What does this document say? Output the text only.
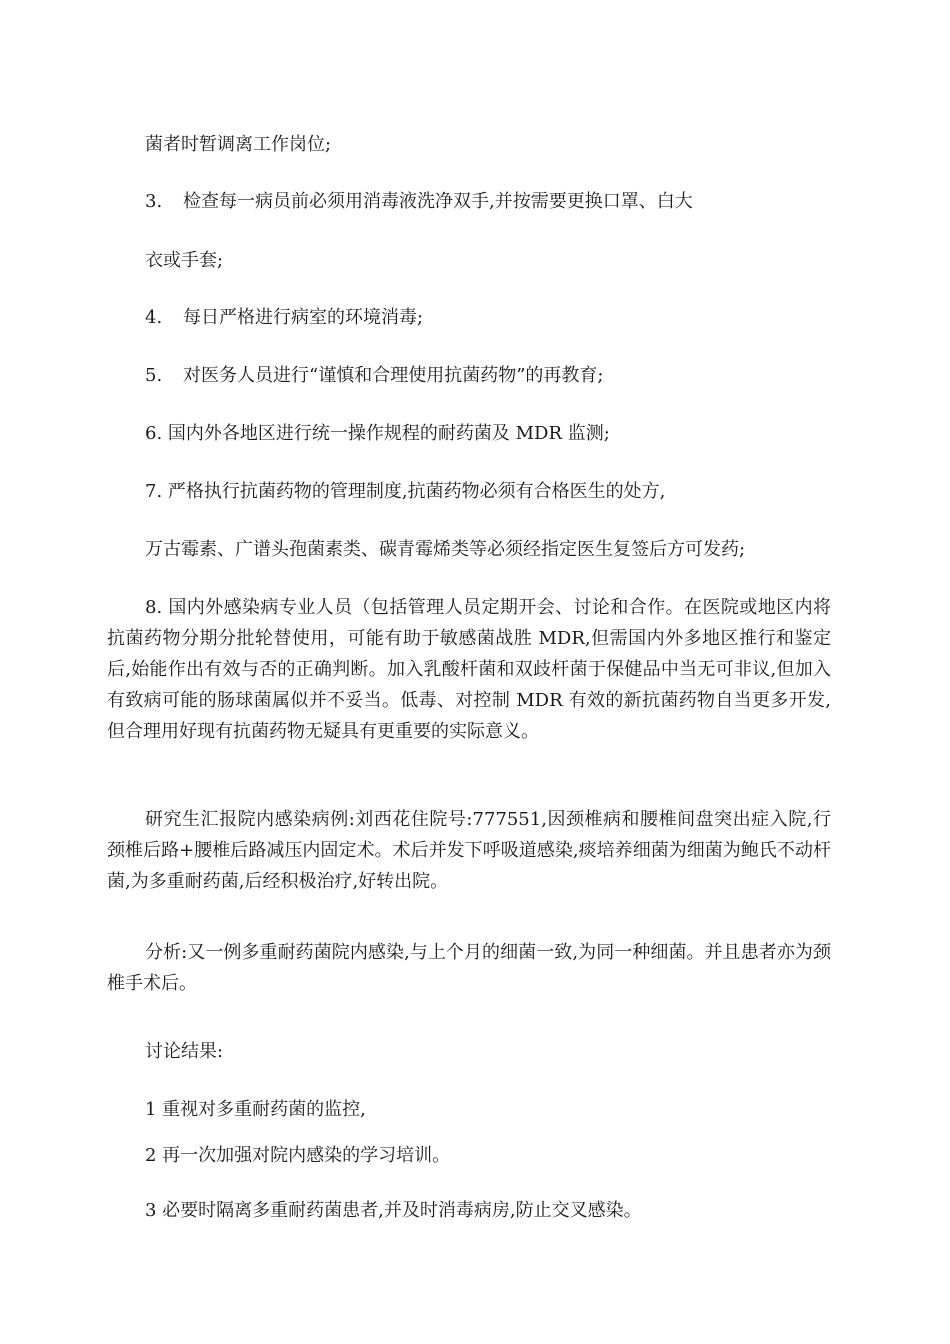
菌者时暂调离工作岗位;
3. 检查每一病员前必须用消毒液洗净双手,并按需要更换口罩、白大
衣或手套;
4. 每日严格进行病室的环境消毒;
5. 对医务人员进行“谨慎和合理使用抗菌药物”的再教育;
6. 国内外各地区进行统一操作规程的耐药菌及 MDR 监测;
7. 严格执行抗菌药物的管理制度,抗菌药物必须有合格医生的处方,
万古霉素、广谱头孢菌素类、碳青霉烯类等必须经指定医生复签后方可发药;
8. 国内外感染病专业人员（包括管理人员定期开会、讨论和合作。在医院或地区内将抗菌药物分期分批轮替使用，可能有助于敏感菌战胜 MDR,但需国内外多地区推行和鉴定后,始能作出有效与否的正确判断。加入乳酸杆菌和双歧杆菌于保健品中当无可非议,但加入有致病可能的肠球菌属似并不妥当。低毒、对控制 MDR 有效的新抗菌药物自当更多开发,但合理用好现有抗菌药物无疑具有更重要的实际意义。
研究生汇报院内感染病例:刘西花住院号:777551,因颈椎病和腰椎间盘突出症入院,行颈椎后路+腰椎后路减压内固定术。术后并发下呼吸道感染,痰培养细菌为细菌为鲍氏不动杆菌,为多重耐药菌,后经积极治疗,好转出院。
分析:又一例多重耐药菌院内感染,与上个月的细菌一致,为同一种细菌。并且患者亦为颈椎手术后。
讨论结果:
1 重视对多重耐药菌的监控,
2 再一次加强对院内感染的学习培训。
3 必要时隔离多重耐药菌患者,并及时消毒病房,防止交叉感染。
